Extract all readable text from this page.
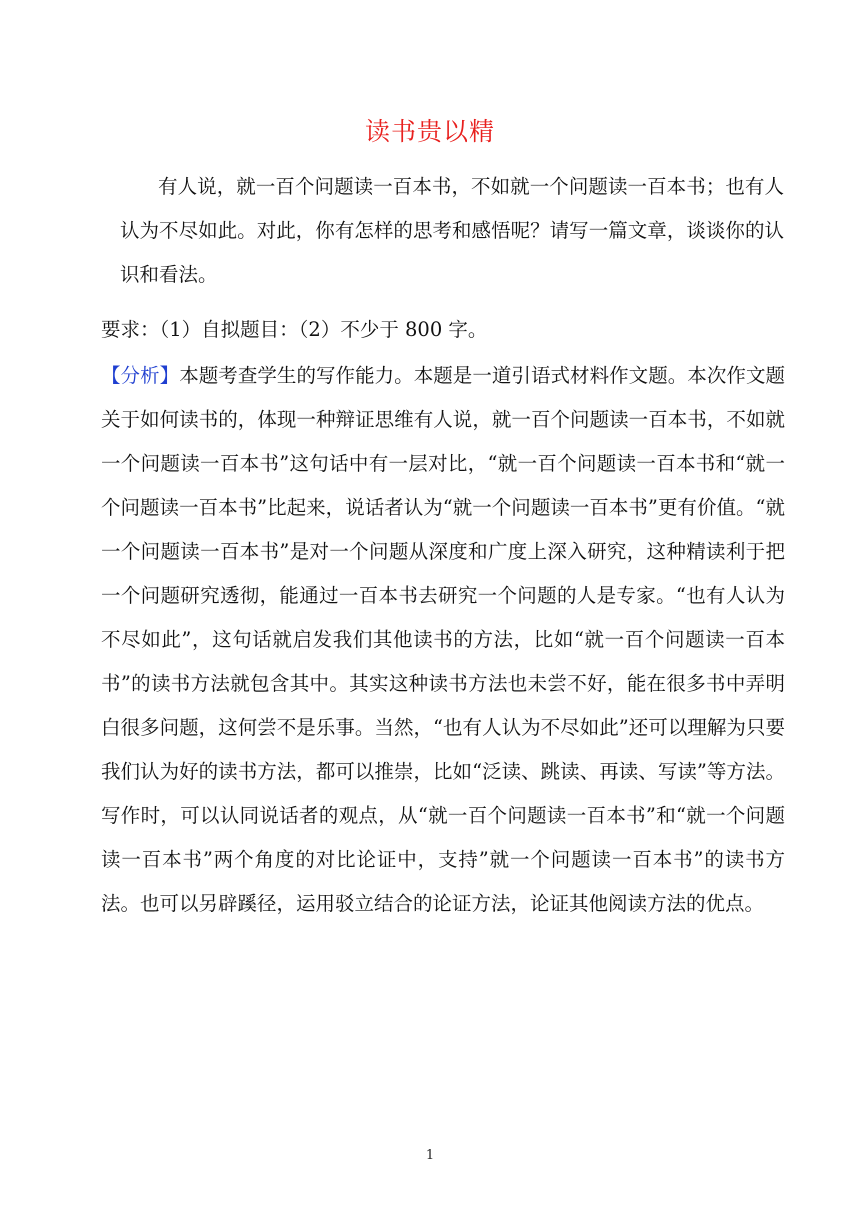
读书贵以精

有人说，就一百个问题读一百本书，不如就一个问题读一百本书；也有人认为不尽如此。对此，你有怎样的思考和感悟呢？请写一篇文章，谈谈你的认识和看法。

要求：（1）自拟题目：（2）不少于 800 字。

【分析】本题考查学生的写作能力。本题是一道引语式材料作文题。本次作文题关于如何读书的，体现一种辩证思维有人说，就一百个问题读一百本书，不如就一个问题读一百本书”这句话中有一层对比，“就一百个问题读一百本书和“就一个问题读一百本书”比起来，说话者认为“就一个问题读一百本书”更有价值。“就一个问题读一百本书”是对一个问题从深度和广度上深入研究，这种精读利于把一个问题研究透彻，能通过一百本书去研究一个问题的人是专家。“也有人认为不尽如此”，这句话就启发我们其他读书的方法，比如“就一百个问题读一百本书”的读书方法就包含其中。其实这种读书方法也未尝不好，能在很多书中弄明白很多问题，这何尝不是乐事。当然，“也有人认为不尽如此”还可以理解为只要我们认为好的读书方法，都可以推崇，比如“泛读、跳读、再读、写读”等方法。写作时，可以认同说话者的观点，从“就一百个问题读一百本书”和“就一个问题读一百本书”两个角度的对比论证中，支持”就一个问题读一百本书”的读书方法。也可以另辟蹊径，运用驳立结合的论证方法，论证其他阅读方法的优点。

1
